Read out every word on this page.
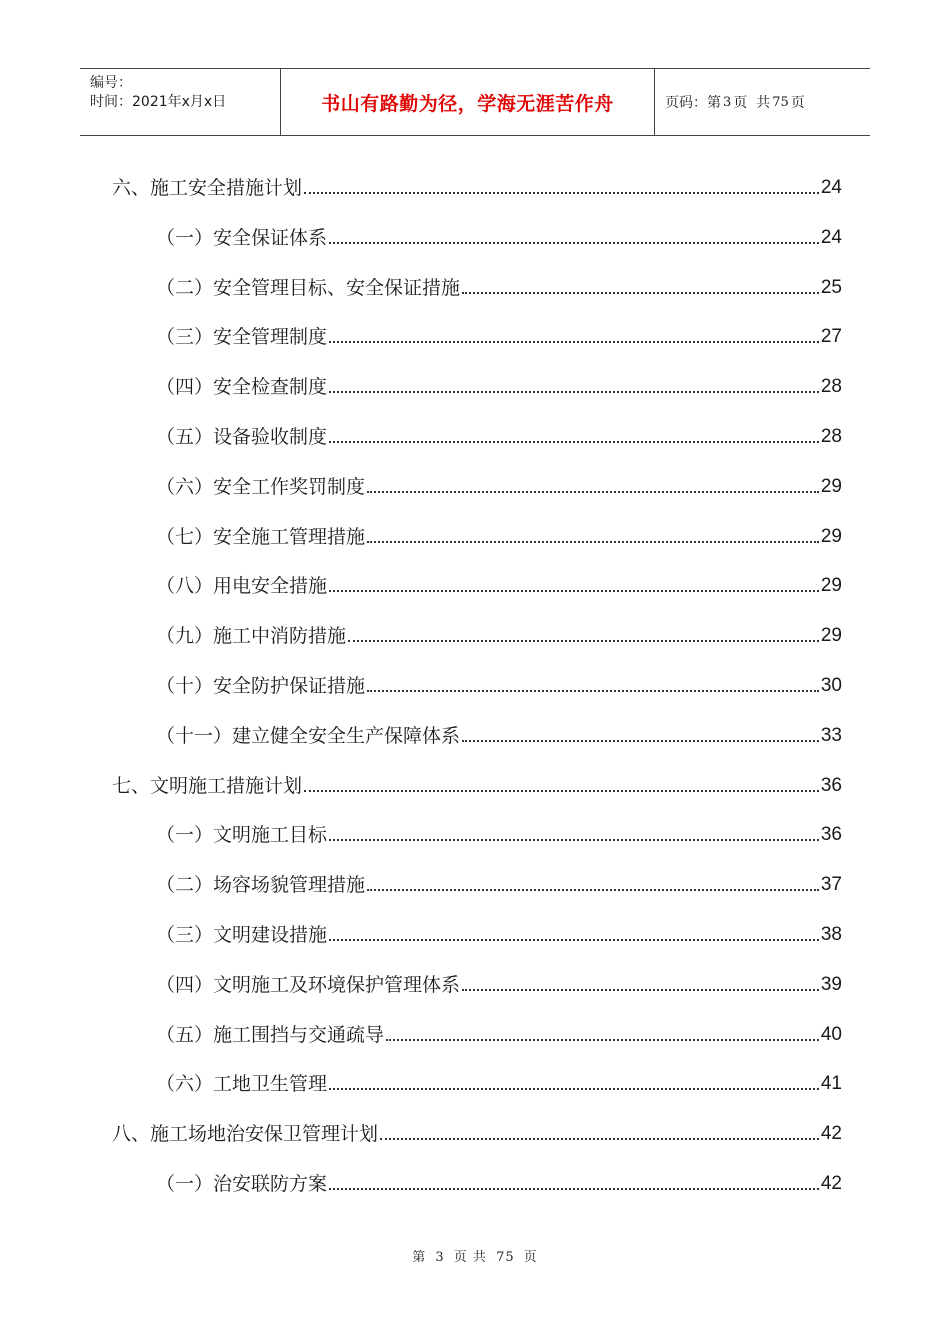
编号：
时间：2021年x月x日	书山有路勤为径，学海无涯苦作舟	页码：第 3 页  共 75 页
六、施工安全措施计划	24
（一）安全保证体系	24
（二）安全管理目标、安全保证措施	25
（三）安全管理制度	27
（四）安全检查制度	28
（五）设备验收制度	28
（六）安全工作奖罚制度	29
（七）安全施工管理措施	29
（八）用电安全措施	29
（九）施工中消防措施	29
（十）安全防护保证措施	30
（十一）建立健全安全生产保障体系	33
七、文明施工措施计划	36
（一）文明施工目标	36
（二）场容场貌管理措施	37
（三）文明建设措施	38
（四）文明施工及环境保护管理体系	39
（五）施工围挡与交通疏导	40
（六）工地卫生管理	41
八、施工场地治安保卫管理计划	42
（一）治安联防方案	42
第 3 页 共 75 页
